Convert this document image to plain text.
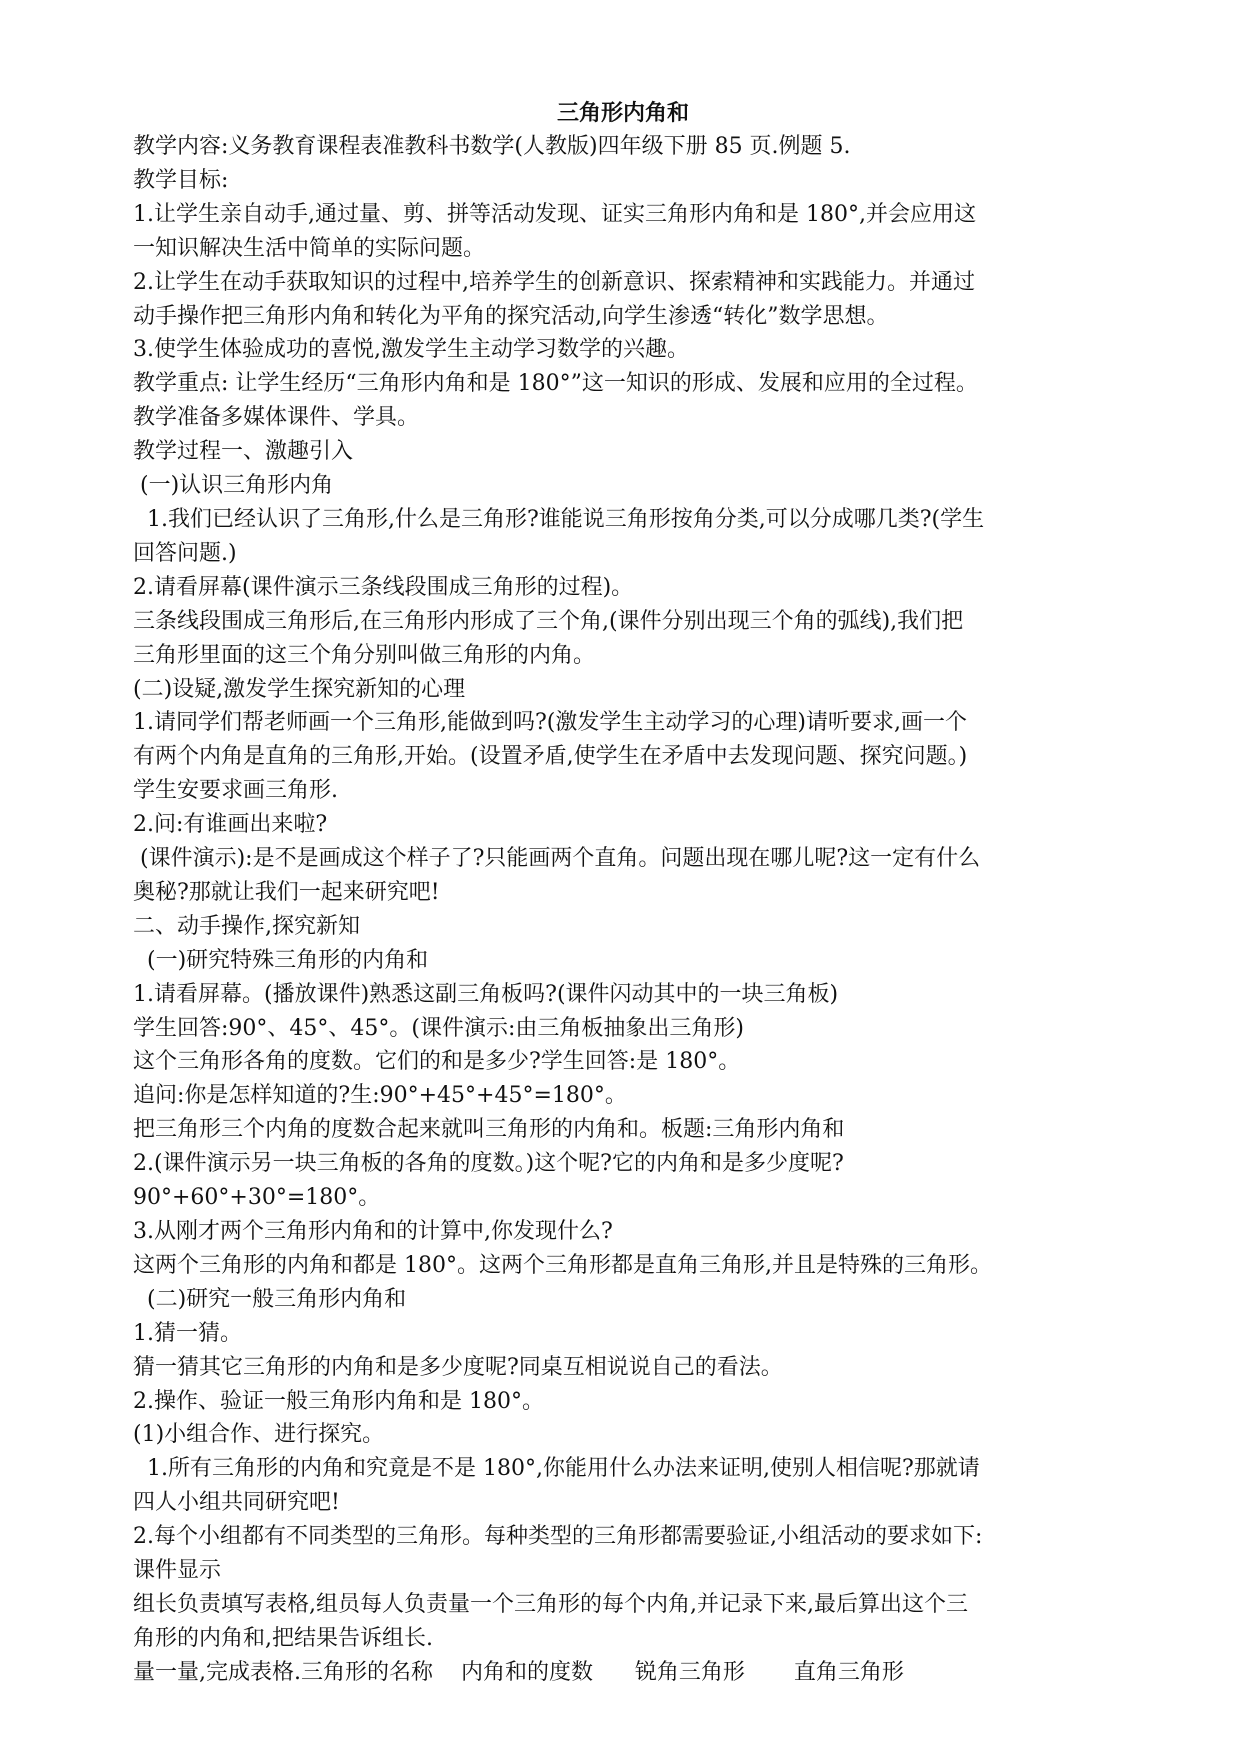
三角形内角和
教学内容:义务教育课程表准教科书数学(人教版)四年级下册 85 页.例题 5.
教学目标:
1.让学生亲自动手,通过量、剪、拼等活动发现、证实三角形内角和是 180°,并会应用这
一知识解决生活中简单的实际问题。
2.让学生在动手获取知识的过程中,培养学生的创新意识、探索精神和实践能力。并通过
动手操作把三角形内角和转化为平角的探究活动,向学生渗透“转化”数学思想。
3.使学生体验成功的喜悦,激发学生主动学习数学的兴趣。
教学重点: 让学生经历“三角形内角和是 180°”这一知识的形成、发展和应用的全过程。
教学准备多媒体课件、学具。
教学过程一、激趣引入
(一)认识三角形内角
1.我们已经认识了三角形,什么是三角形?谁能说三角形按角分类,可以分成哪几类?(学生
回答问题.)
2.请看屏幕(课件演示三条线段围成三角形的过程)。
三条线段围成三角形后,在三角形内形成了三个角,(课件分别出现三个角的弧线),我们把
三角形里面的这三个角分别叫做三角形的内角。
(二)设疑,激发学生探究新知的心理
1.请同学们帮老师画一个三角形,能做到吗?(激发学生主动学习的心理)请听要求,画一个
有两个内角是直角的三角形,开始。(设置矛盾,使学生在矛盾中去发现问题、探究问题。)
学生安要求画三角形.
2.问:有谁画出来啦?
(课件演示):是不是画成这个样子了?只能画两个直角。问题出现在哪儿呢?这一定有什么
奥秘?那就让我们一起来研究吧!
二、动手操作,探究新知
(一)研究特殊三角形的内角和
1.请看屏幕。(播放课件)熟悉这副三角板吗?(课件闪动其中的一块三角板)
学生回答:90°、45°、45°。(课件演示:由三角板抽象出三角形)
这个三角形各角的度数。它们的和是多少?学生回答:是 180°。
追问:你是怎样知道的?生:90°+45°+45°=180°。
把三角形三个内角的度数合起来就叫三角形的内角和。板题:三角形内角和
2.(课件演示另一块三角板的各角的度数。)这个呢?它的内角和是多少度呢?
90°+60°+30°=180°。
3.从刚才两个三角形内角和的计算中,你发现什么?
这两个三角形的内角和都是 180°。这两个三角形都是直角三角形,并且是特殊的三角形。
(二)研究一般三角形内角和
1.猜一猜。
猜一猜其它三角形的内角和是多少度呢?同桌互相说说自己的看法。
2.操作、验证一般三角形内角和是 180°。
(1)小组合作、进行探究。
1.所有三角形的内角和究竟是不是 180°,你能用什么办法来证明,使别人相信呢?那就请
四人小组共同研究吧!
2.每个小组都有不同类型的三角形。每种类型的三角形都需要验证,小组活动的要求如下:
课件显示
组长负责填写表格,组员每人负责量一个三角形的每个内角,并记录下来,最后算出这个三
角形的内角和,把结果告诉组长.
量一量,完成表格.三角形的名称    内角和的度数      锐角三角形       直角三角形
